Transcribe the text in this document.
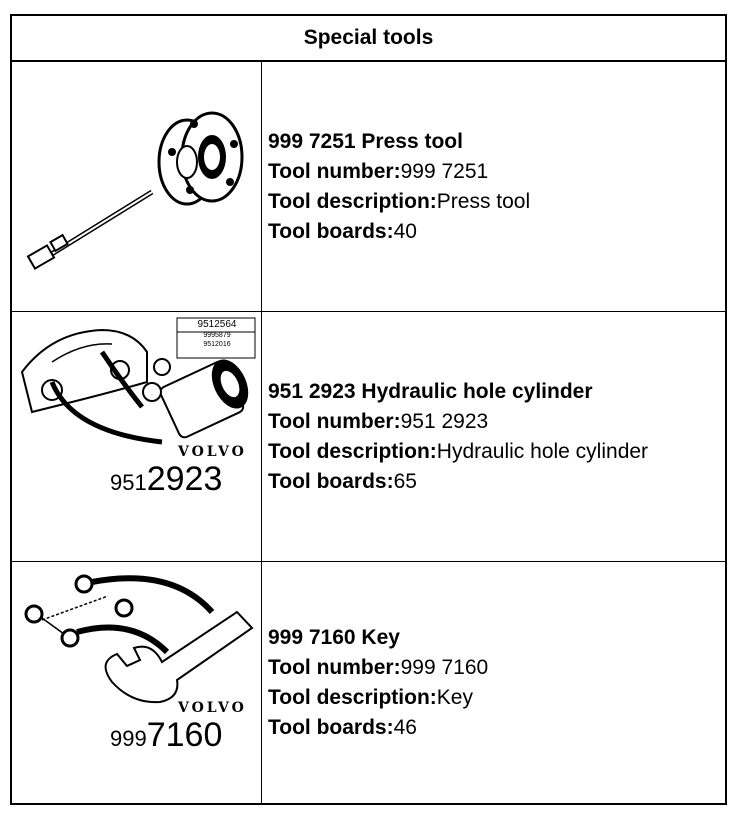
Special tools
999 7251 Press tool
Tool number:999 7251
Tool description:Press tool
Tool boards:40
9512564
9995879
9512016
VOLVO
9512923
951 2923 Hydraulic hole cylinder
Tool number:951 2923
Tool description:Hydraulic hole cylinder
Tool boards:65
VOLVO
9997160
999 7160 Key
Tool number:999 7160
Tool description:Key
Tool boards:46
